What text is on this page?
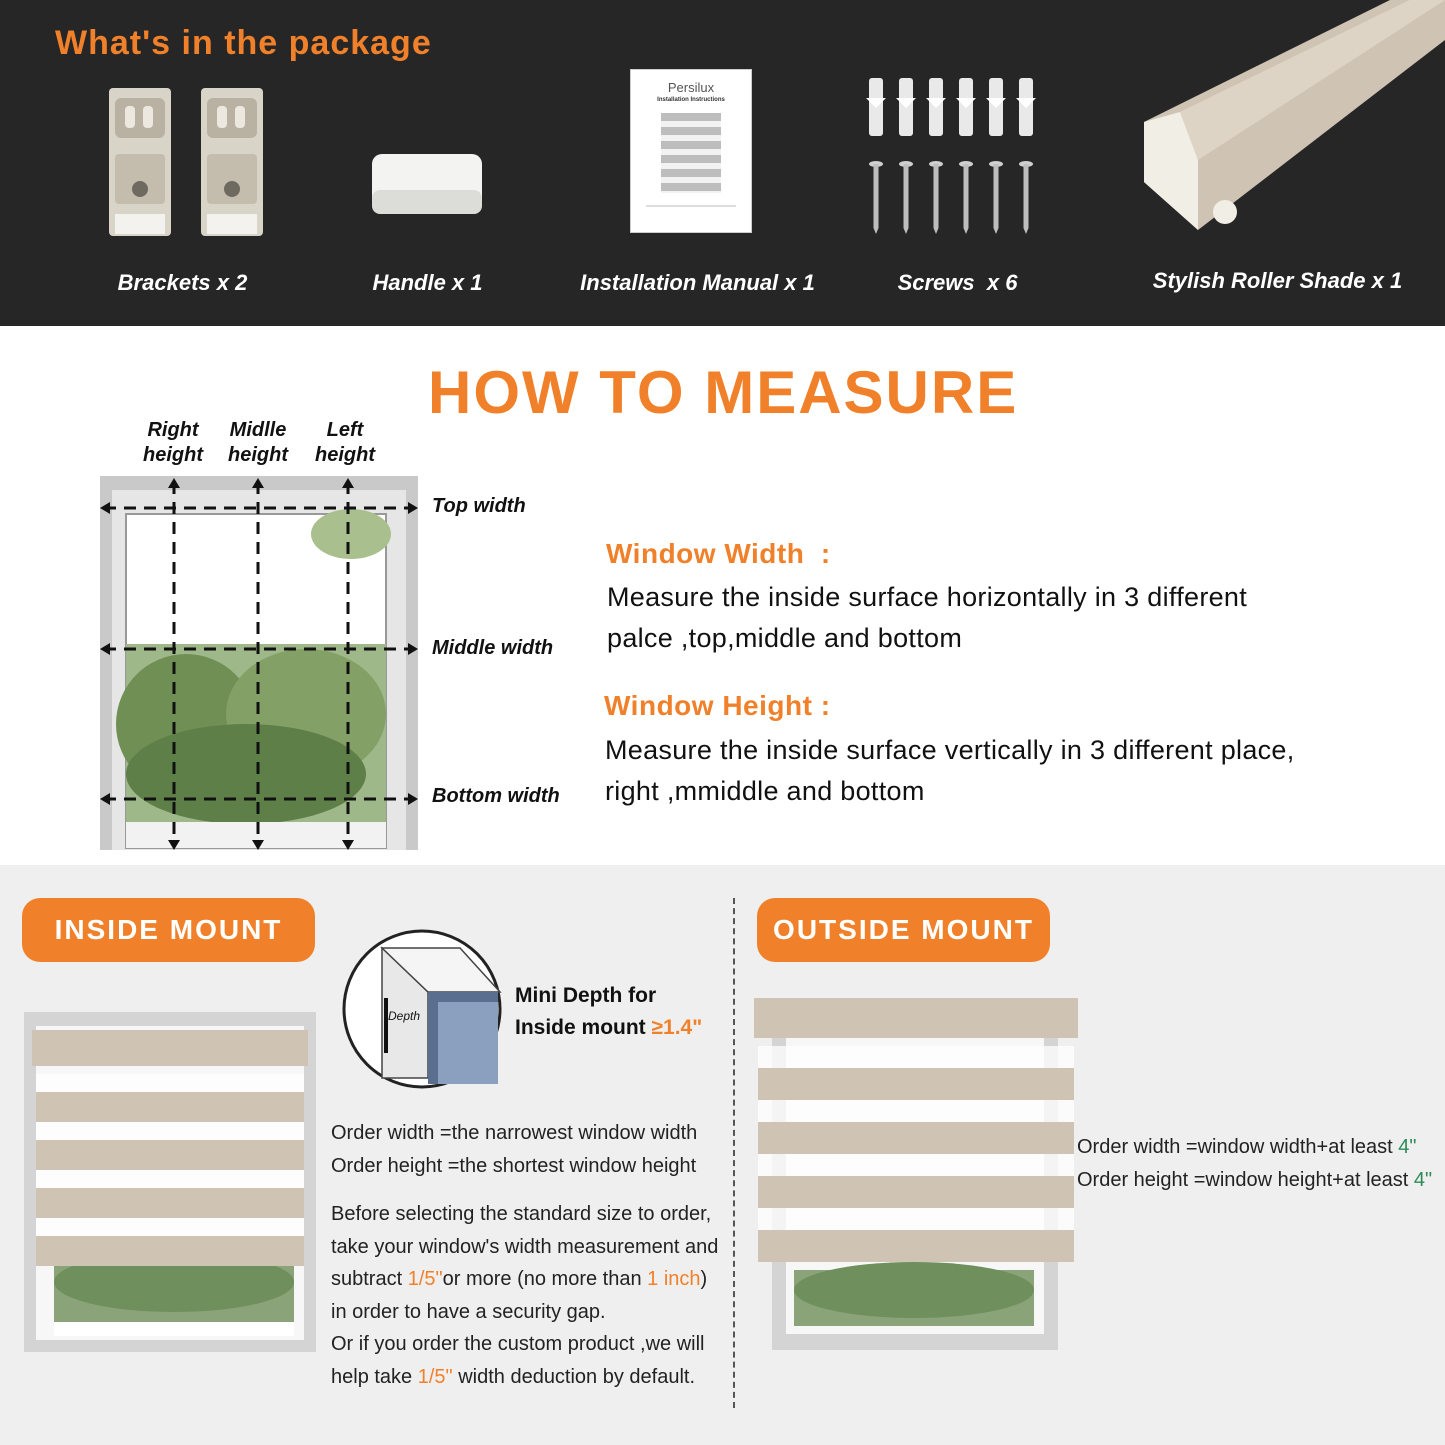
What's in the package
Persilux
Installation Instructions
Brackets x 2	Handle x 1	Installation Manual x 1	Screws  x 6	Stylish Roller Shade x 1
HOW TO MEASURE
Right
height
Midlle
height
Left
height
Top width
Middle width
Bottom width
Window Width  :
Measure the inside surface horizontally in 3 different
palce ,top,middle and bottom
Window Height :
Measure the inside surface vertically in 3 different place,
right ,mmiddle and bottom
INSIDE MOUNT	OUTSIDE MOUNT
Depth
Mini Depth for
Inside mount ≥1.4"
Order width =the narrowest window width
Order height =the shortest window height
Before selecting the standard size to order,
take your window's width measurement and
subtract 1/5"or more (no more than 1 inch)
in order to have a security gap.
Or if you order the custom product ,we will
help take 1/5" width deduction by default.
Order width =window width+at least 4"
Order height =window height+at least 4"
